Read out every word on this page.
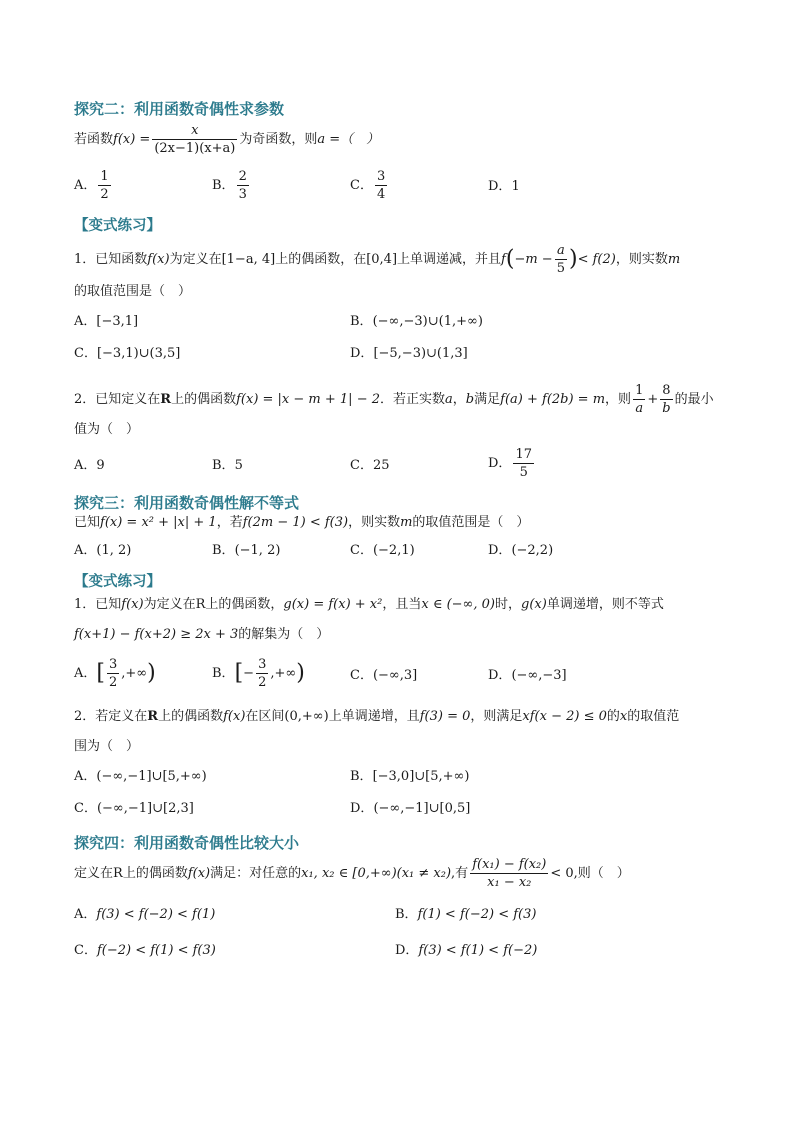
探究二：利用函数奇偶性求参数
若函数$f(x) = \frac{x}{(2x-1)(x+a)}$ 为奇函数，则a =（　）
A． $\frac{1}{2}$	B． $\frac{2}{3}$	C． $\frac{3}{4}$	D．1
【变式练习】
1．已知函数f(x)为定义在[1−a, 4]上的偶函数，在[0,4]上单调递减，并且$f(-m - \frac{a}{5}$ )< f(2)，则实数m
的取值范围是（　）
A．[−3,1]	B．(−∞,−3)∪(1,+∞)
C．[−3,1)∪(3,5]	D．[−5,−3)∪(1,3]
2．已知定义在R上的偶函数f(x) = |x − m + 1| − 2．若正实数a，b满足f(a) + f(2b) = m，则 $\frac{1}{a} + \frac{8}{b}$ 的最小
值为（　）
A．9	B．5	C．25	D． $\frac{17}{5}$
探究三：利用函数奇偶性解不等式
已知f(x) = x² + |x| + 1，若f(2m − 1) < f(3)，则实数m的取值范围是（　）
A．(1, 2)	B．(−1, 2)	C．(−2,1)	D．(−2,2)
【变式练习】
1．已知f(x)为定义在R上的偶函数，g(x) = f(x) + x²，且当x ∈ (−∞, 0)时，g(x)单调递增，则不等式
f(x+1) − f(x+2) ≥ 2x + 3的解集为（　）
A．[ $\frac{3}{2}$ ,+∞)	B．[− $\frac{3}{2}$ ,+∞)	C．(−∞,3]	D．(−∞,−3]
2．若定义在R上的偶函数f(x)在区间(0,+∞)上单调递增，且f(3) = 0，则满足xf(x − 2) ≤ 0的x的取值范
围为（　）
A．(−∞,−1]∪[5,+∞)	B．[−3,0]∪[5,+∞)
C．(−∞,−1]∪[2,3]	D．(−∞,−1]∪[0,5]
探究四：利用函数奇偶性比较大小
定义在R上的偶函数f(x)满足：对任意的x₁, x₂ ∈ [0,+∞)(x₁ ≠ x₂),有 $\frac{\text{f(x₁) − f(x₂)}}{\text{x₁ − x₂}} < 0$,则（　）
A．f(3) < f(−2) < f(1)	B．f(1) < f(−2) < f(3)
C．f(−2) < f(1) < f(3)	D．f(3) < f(1) < f(−2)
